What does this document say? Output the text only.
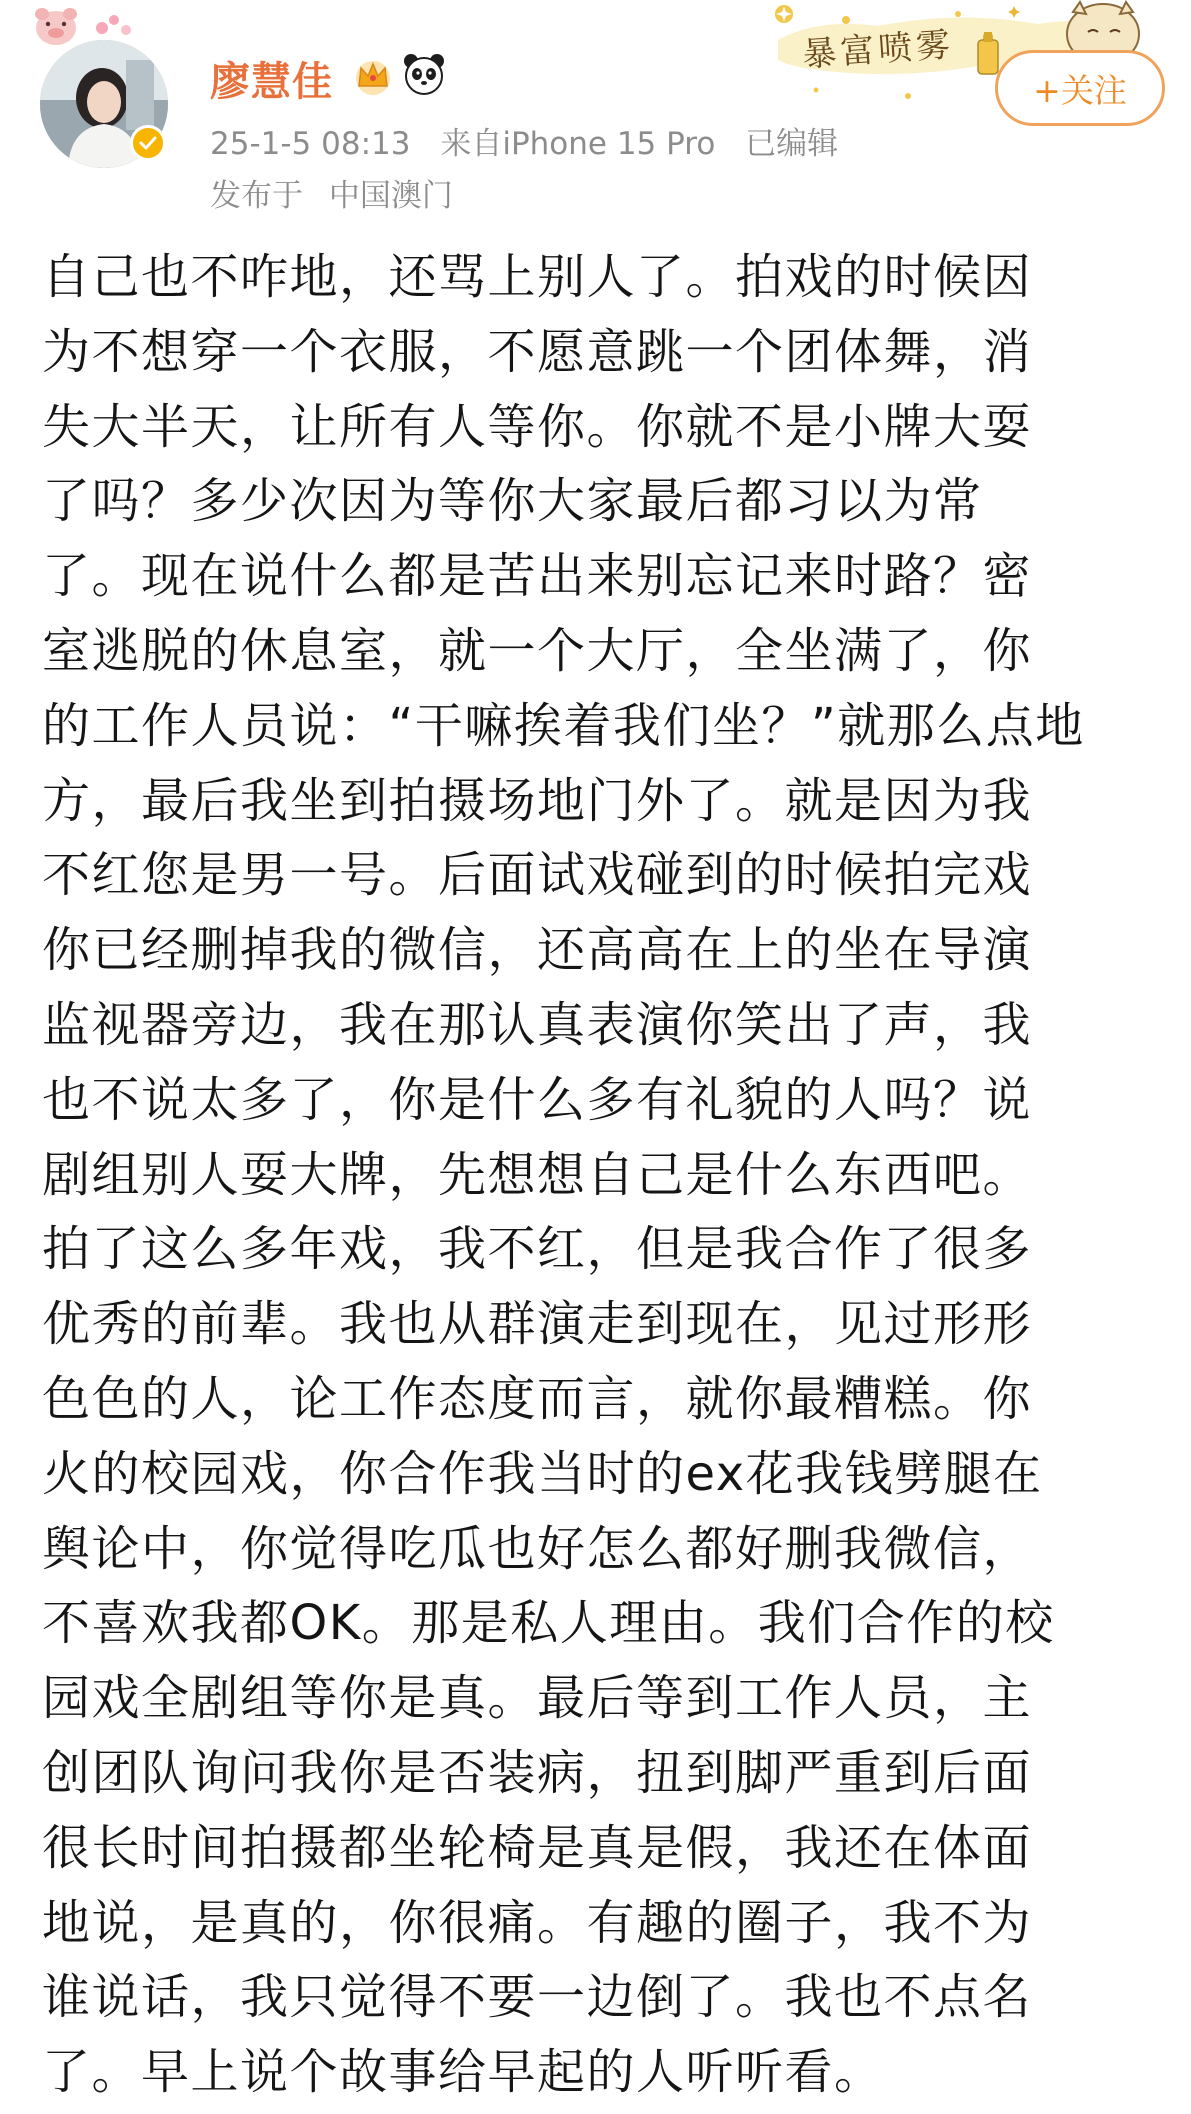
廖慧佳
25-1-5 08:13 来自iPhone 15 Pro 已编辑
发布于 中国澳门
暴富喷雾
+关注
自己也不咋地，还骂上别人了。拍戏的时候因
为不想穿一个衣服，不愿意跳一个团体舞，消
失大半天，让所有人等你。你就不是小牌大耍
了吗？多少次因为等你大家最后都习以为常
了。现在说什么都是苦出来别忘记来时路？密
室逃脱的休息室，就一个大厅，全坐满了，你
的工作人员说：“干嘛挨着我们坐？”就那么点地
方，最后我坐到拍摄场地门外了。就是因为我
不红您是男一号。后面试戏碰到的时候拍完戏
你已经删掉我的微信，还高高在上的坐在导演
监视器旁边，我在那认真表演你笑出了声，我
也不说太多了，你是什么多有礼貌的人吗？说
剧组别人耍大牌，先想想自己是什么东西吧。
拍了这么多年戏，我不红，但是我合作了很多
优秀的前辈。我也从群演走到现在，见过形形
色色的人，论工作态度而言，就你最糟糕。你
火的校园戏，你合作我当时的ex花我钱劈腿在
舆论中，你觉得吃瓜也好怎么都好删我微信，
不喜欢我都OK。那是私人理由。我们合作的校
园戏全剧组等你是真。最后等到工作人员，主
创团队询问我你是否装病，扭到脚严重到后面
很长时间拍摄都坐轮椅是真是假，我还在体面
地说，是真的，你很痛。有趣的圈子，我不为
谁说话，我只觉得不要一边倒了。我也不点名
了。早上说个故事给早起的人听听看。
